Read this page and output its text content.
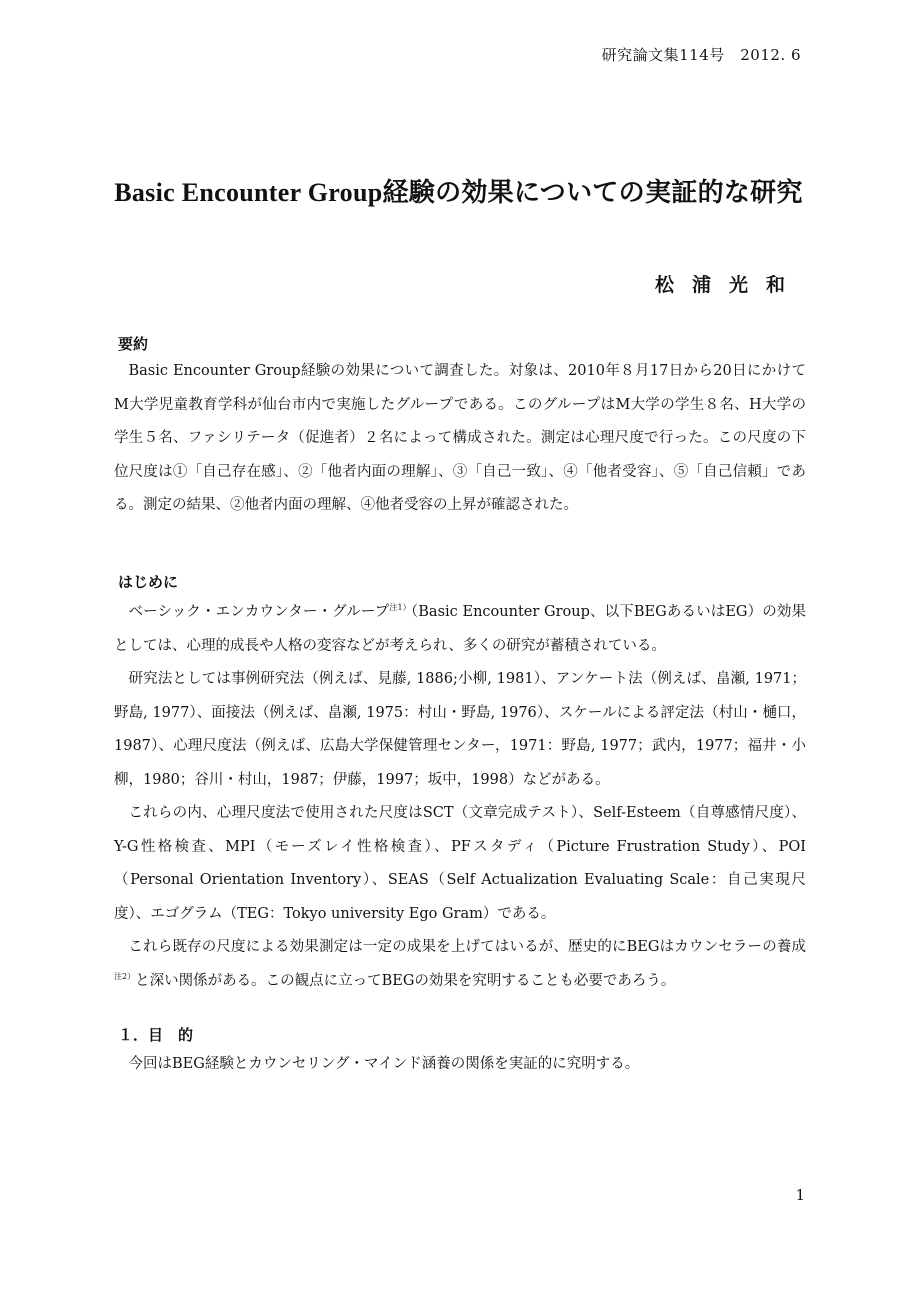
研究論文集114号　2012. 6
Basic Encounter Group経験の効果についての実証的な研究
松浦光和
要約

Basic Encounter Group経験の効果について調査した。対象は、2010年８月17日から20日にかけてM大学児童教育学科が仙台市内で実施したグループである。このグループはM大学の学生８名、H大学の学生５名、ファシリテータ（促進者）２名によって構成された。測定は心理尺度で行った。この尺度の下位尺度は①「自己存在感」、②「他者内面の理解」、③「自己一致」、④「他者受容」、⑤「自己信頼」である。測定の結果、②他者内面の理解、④他者受容の上昇が確認された。

はじめに

ベーシック・エンカウンター・グループ$^{注1)}$（Basic Encounter Group、以下BEGあるいはEG）の効果としては、心理的成長や人格の変容などが考えられ、多くの研究が蓄積されている。

研究法としては事例研究法（例えば、見藤, 1886;小柳, 1981）、アンケート法（例えば、畠瀬, 1971；野島, 1977）、面接法（例えば、畠瀬, 1975：村山・野島, 1976）、スケールによる評定法（村山・樋口，1987）、心理尺度法（例えば、広島大学保健管理センター，1971：野島, 1977；武内，1977；福井・小柳，1980；谷川・村山，1987；伊藤，1997；坂中，1998）などがある。

これらの内、心理尺度法で使用された尺度はSCT（文章完成テスト）、Self-Esteem（自尊感情尺度）、Y-G性格検査、MPI（モーズレイ性格検査）、PFスタディ（Picture Frustration Study）、POI（Personal Orientation Inventory）、SEAS（Self Actualization Evaluating Scale：自己実現尺度）、エゴグラム（TEG：Tokyo university Ego Gram）である。

これら既存の尺度による効果測定は一定の成果を上げてはいるが、歴史的にBEGはカウンセラーの養成$^{注2)}$と深い関係がある。この観点に立ってBEGの効果を究明することも必要であろう。

１．目　的

今回はBEG経験とカウンセリング・マインド涵養の関係を実証的に究明する。

1
